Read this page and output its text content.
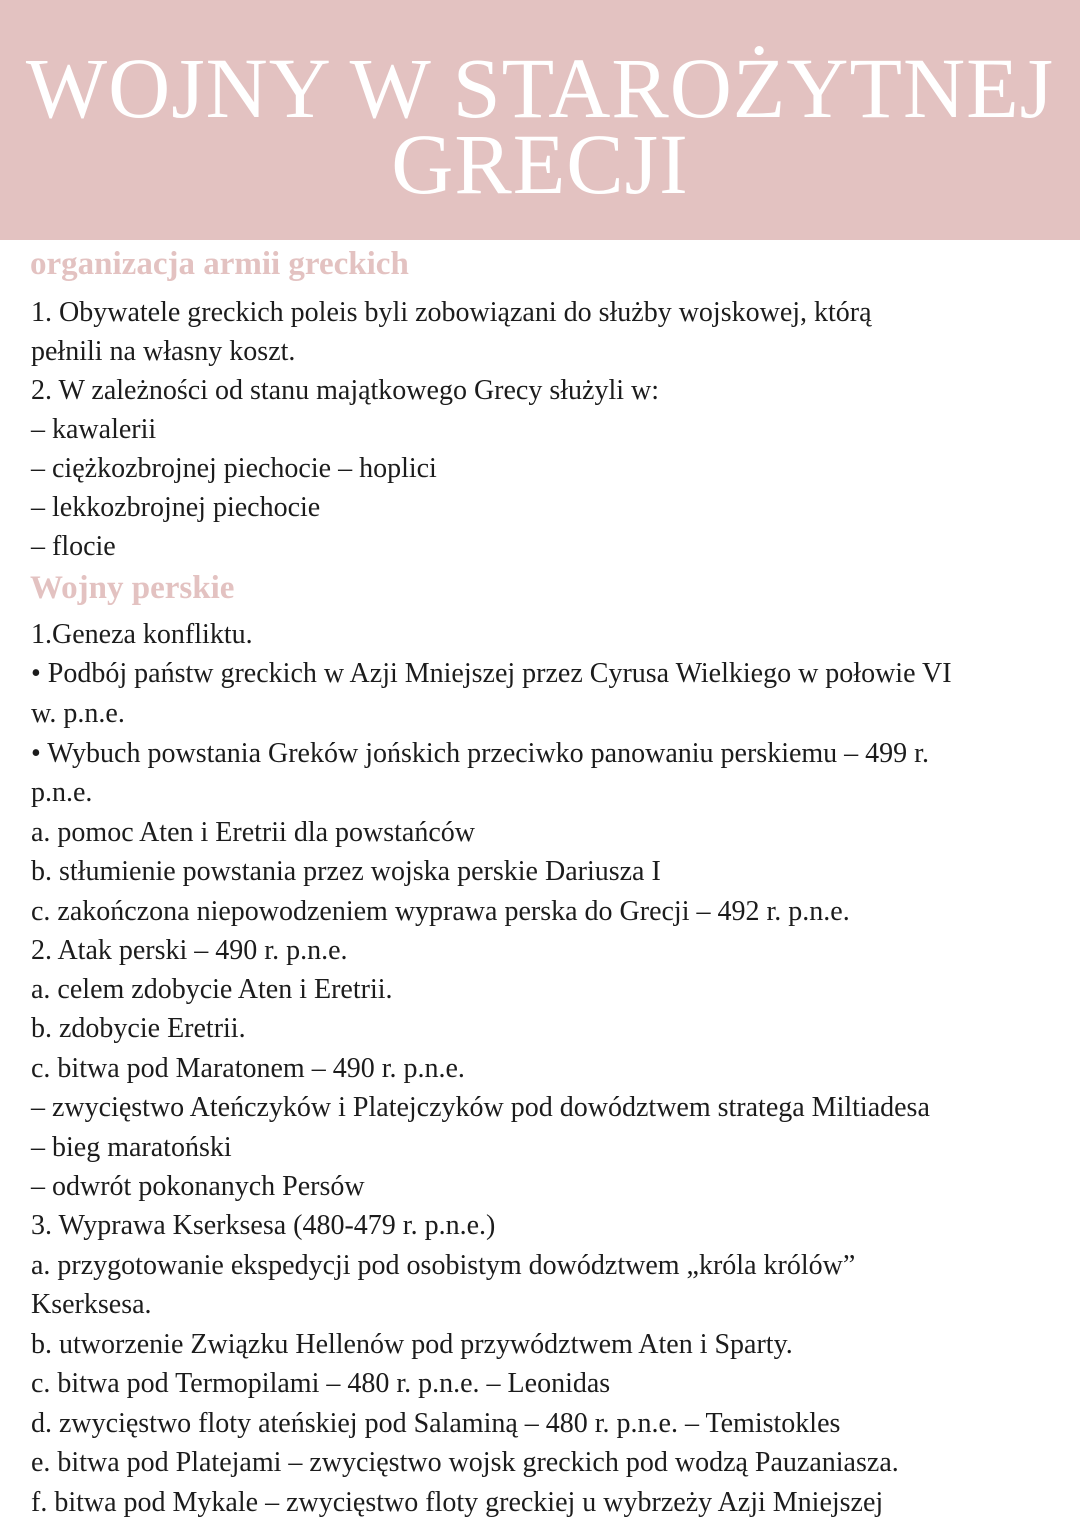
WOJNY W STAROŻYTNEJ
GRECJI
organizacja armii greckich

1. Obywatele greckich poleis byli zobowiązani do służby wojskowej, którą

pełnili na własny koszt.

2. W zależności od stanu majątkowego Grecy służyli w:

– kawalerii

– ciężkozbrojnej piechocie – hoplici

– lekkozbrojnej piechocie

– flocie

Wojny perskie

1.Geneza konfliktu.

• Podbój państw greckich w Azji Mniejszej przez Cyrusa Wielkiego w połowie VI

w. p.n.e.

• Wybuch powstania Greków jońskich przeciwko panowaniu perskiemu – 499 r.

p.n.e.

a. pomoc Aten i Eretrii dla powstańców

b. stłumienie powstania przez wojska perskie Dariusza I

c. zakończona niepowodzeniem wyprawa perska do Grecji – 492 r. p.n.e.

2. Atak perski – 490 r. p.n.e.

a. celem zdobycie Aten i Eretrii.

b. zdobycie Eretrii.

c. bitwa pod Maratonem – 490 r. p.n.e.

– zwycięstwo Ateńczyków i Platejczyków pod dowództwem stratega Miltiadesa

– bieg maratoński

– odwrót pokonanych Persów

3. Wyprawa Kserksesa (480-479 r. p.n.e.)

a. przygotowanie ekspedycji pod osobistym dowództwem „króla królów”

Kserksesa.

b. utworzenie Związku Hellenów pod przywództwem Aten i Sparty.

c. bitwa pod Termopilami – 480 r. p.n.e. – Leonidas

d. zwycięstwo floty ateńskiej pod Salaminą – 480 r. p.n.e. – Temistokles

e. bitwa pod Platejami – zwycięstwo wojsk greckich pod wodzą Pauzaniasza.

f. bitwa pod Mykale – zwycięstwo floty greckiej u wybrzeży Azji Mniejszej
